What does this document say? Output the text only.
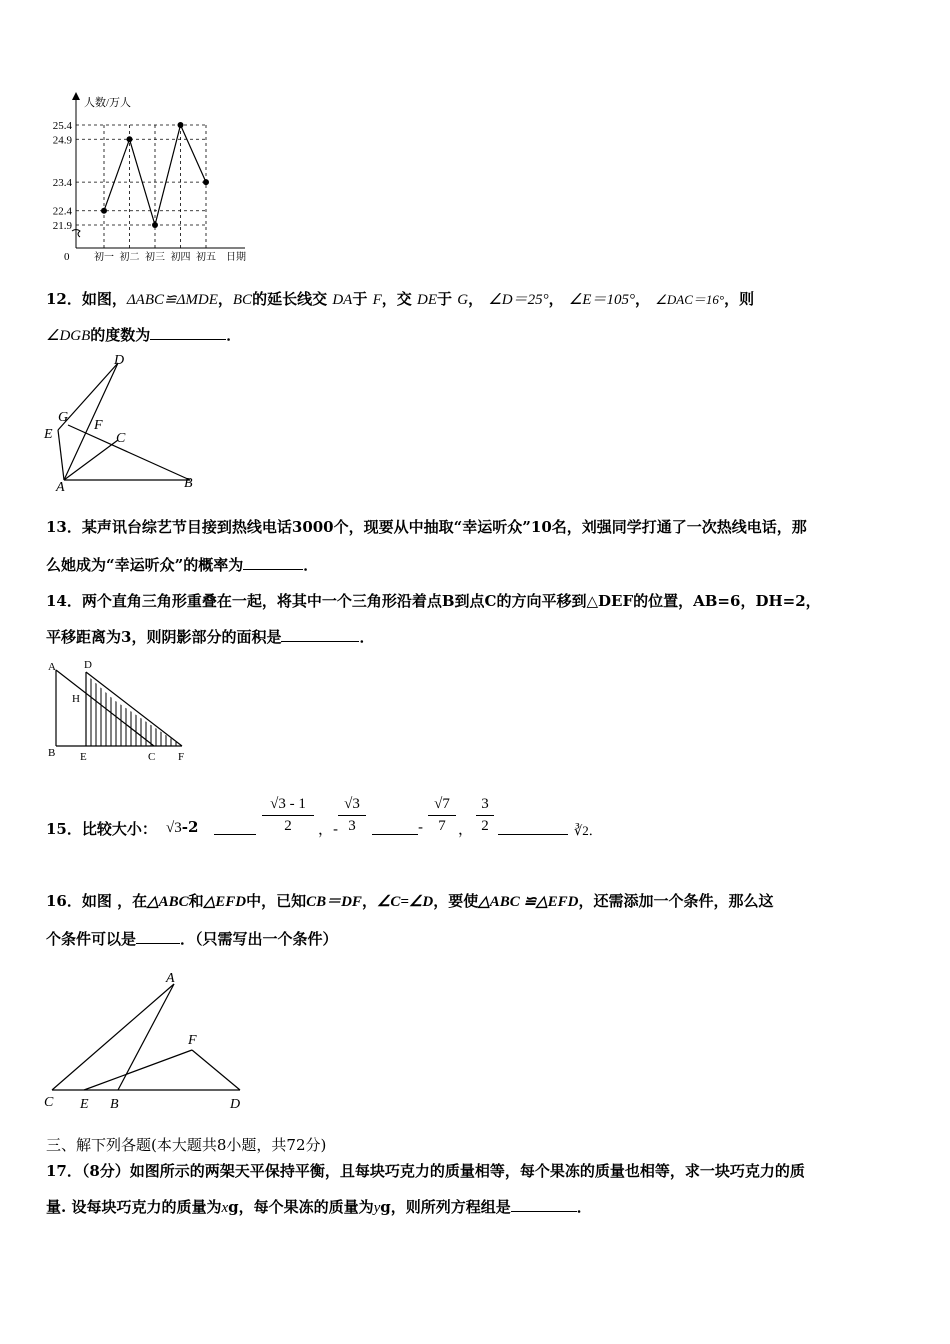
人数/万人
0	日期
21.9
22.4
23.4
24.9
25.4
初一 初二 初三 初四 初五
12．如图，ΔABC≌ΔMDE，BC的延长线交 DA于 F，交 DE于 G， ∠D＝25°， ∠E＝105°， ∠DAC＝16°，则
∠DGB的度数为	．
D
G
E
F
C
A	B
13．某声讯台综艺节目接到热线电话3000个，现要从中抽取“幸运听众”10名，刘强同学打通了一次热线电话，那
么她成为“幸运听众”的概率为	．
14．两个直角三角形重叠在一起，将其中一个三角形沿着点B到点C的方向平移到△DEF的位置，AB=6，DH=2，
平移距离为3，则阴影部分的面积是	．
A	D
H
B E	C F
15．比较大小： √3-2
√3 - 1
2	，-
√3
3	-
√7
7 ，
3
2	∛2．
16．如图 ，在△ABC和△EFD中，已知CB＝DF，∠C=∠D，要使△ABC ≌△EFD，还需添加一个条件，那么这
个条件可以是	．（只需写出一个条件）
A
F
C E B	D
三、解下列各题(本大题共8小题，共72分)
17．（8分）如图所示的两架天平保持平衡，且每块巧克力的质量相等，每个果冻的质量也相等，求一块巧克力的质
量. 设每块巧克力的质量为xg，每个果冻的质量为yg，则所列方程组是	．
